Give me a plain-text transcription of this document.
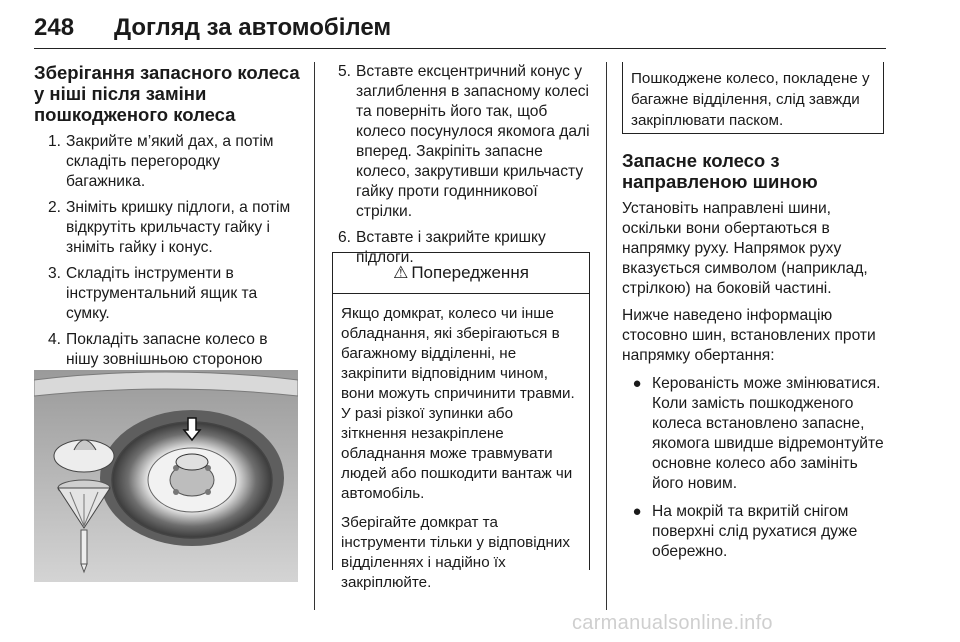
248 Догляд за автомобілем
Зберігання запасного колеса у ніші після заміни пошкодженого колеса
1. Закрийте м’який дах, а потім складіть перегородку багажника.
2. Зніміть кришку підлоги, а потім відкрутіть крильчасту гайку і зніміть гайку і конус.
3. Складіть інструменти в інструментальний ящик та сумку.
4. Покладіть запасне колесо в нішу зовнішньою стороною
5. Вставте ексцентричний конус у заглиблення в запасному колесі та поверніть його так, щоб колесо посунулося якомога далі вперед. Закріпіть запасне колесо, закрутивши крильчасту гайку проти годинникової стрілки.
6. Вставте і закрийте кришку підлоги.
⚠ Попередження

Якщо домкрат, колесо чи інше обладнання, які зберігаються в багажному відділенні, не закріпити відповідним чином, вони можуть спричинити травми. У разі різкої зупинки або зіткнення незакріплене обладнання може травмувати людей або пошкодити вантаж чи автомобіль.

Зберігайте домкрат та інструменти тільки у відповідних відділеннях і надійно їх закріплюйте.

Пошкоджене колесо, покладене у багажне відділення, слід завжди закріплювати паском.
Запасне колесо з направленою шиною

Установіть направлені шини, оскільки вони обертаються в напрямку руху. Напрямок руху вказується символом (наприклад, стрілкою) на боковій частині.

Нижче наведено інформацію стосовно шин, встановлених проти напрямку обертання:

● Керованість може змінюватися. Коли замість пошкодженого колеса встановлено запасне, якомога швидше відремонтуйте основне колесо або замініть його новим.
● На мокрій та вкритій снігом поверхні слід рухатися дуже обережно.
carmanualsonline.info
